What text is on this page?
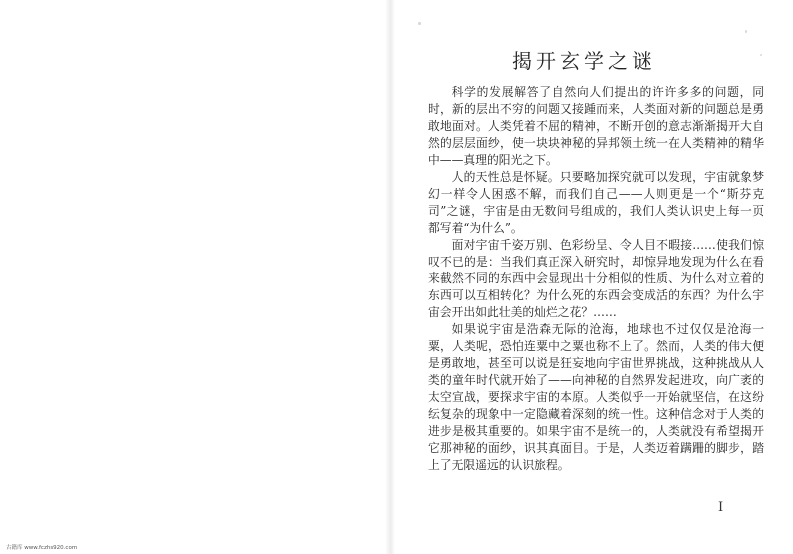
揭开玄学之谜

科学的发展解答了自然向人们提出的许许多多的问题，同时，新的层出不穷的问题又接踵而来，人类面对新的问题总是勇敢地面对。人类凭着不屈的精神，不断开创的意志渐渐揭开大自然的层层面纱，使一块块神秘的异邦领土统一在人类精神的精华中——真理的阳光之下。

人的天性总是怀疑。只要略加探究就可以发现，宇宙就象梦幻一样令人困惑不解，而我们自己——人则更是一个“斯芬克司”之谜，宇宙是由无数问号组成的，我们人类认识史上每一页都写着“为什么”。

面对宇宙千姿万别、色彩纷呈、令人目不暇接……使我们惊叹不已的是：当我们真正深入研究时，却惊异地发现为什么在看来截然不同的东西中会显现出十分相似的性质、为什么对立着的东西可以互相转化？为什么死的东西会变成活的东西？为什么宇宙会开出如此壮美的灿烂之花？……

如果说宇宙是浩森无际的沧海，地球也不过仅仅是沧海一粟，人类呢，恐怕连粟中之粟也称不上了。然而，人类的伟大便是勇敢地，甚至可以说是狂妄地向宇宙世界挑战，这种挑战从人类的童年时代就开始了——向神秘的自然界发起进攻，向广袤的太空宣战，要探求宇宙的本原。人类似乎一开始就坚信，在这纷纭复杂的现象中一定隐藏着深刻的统一性。这种信念对于人类的进步是极其重要的。如果宇宙不是统一的，人类就没有希望揭开它那神秘的面纱，识其真面目。于是，人类迈着蹒跚的脚步，踏上了无限遥远的认识旅程。

I
古籍库 www.fczhs920.com
